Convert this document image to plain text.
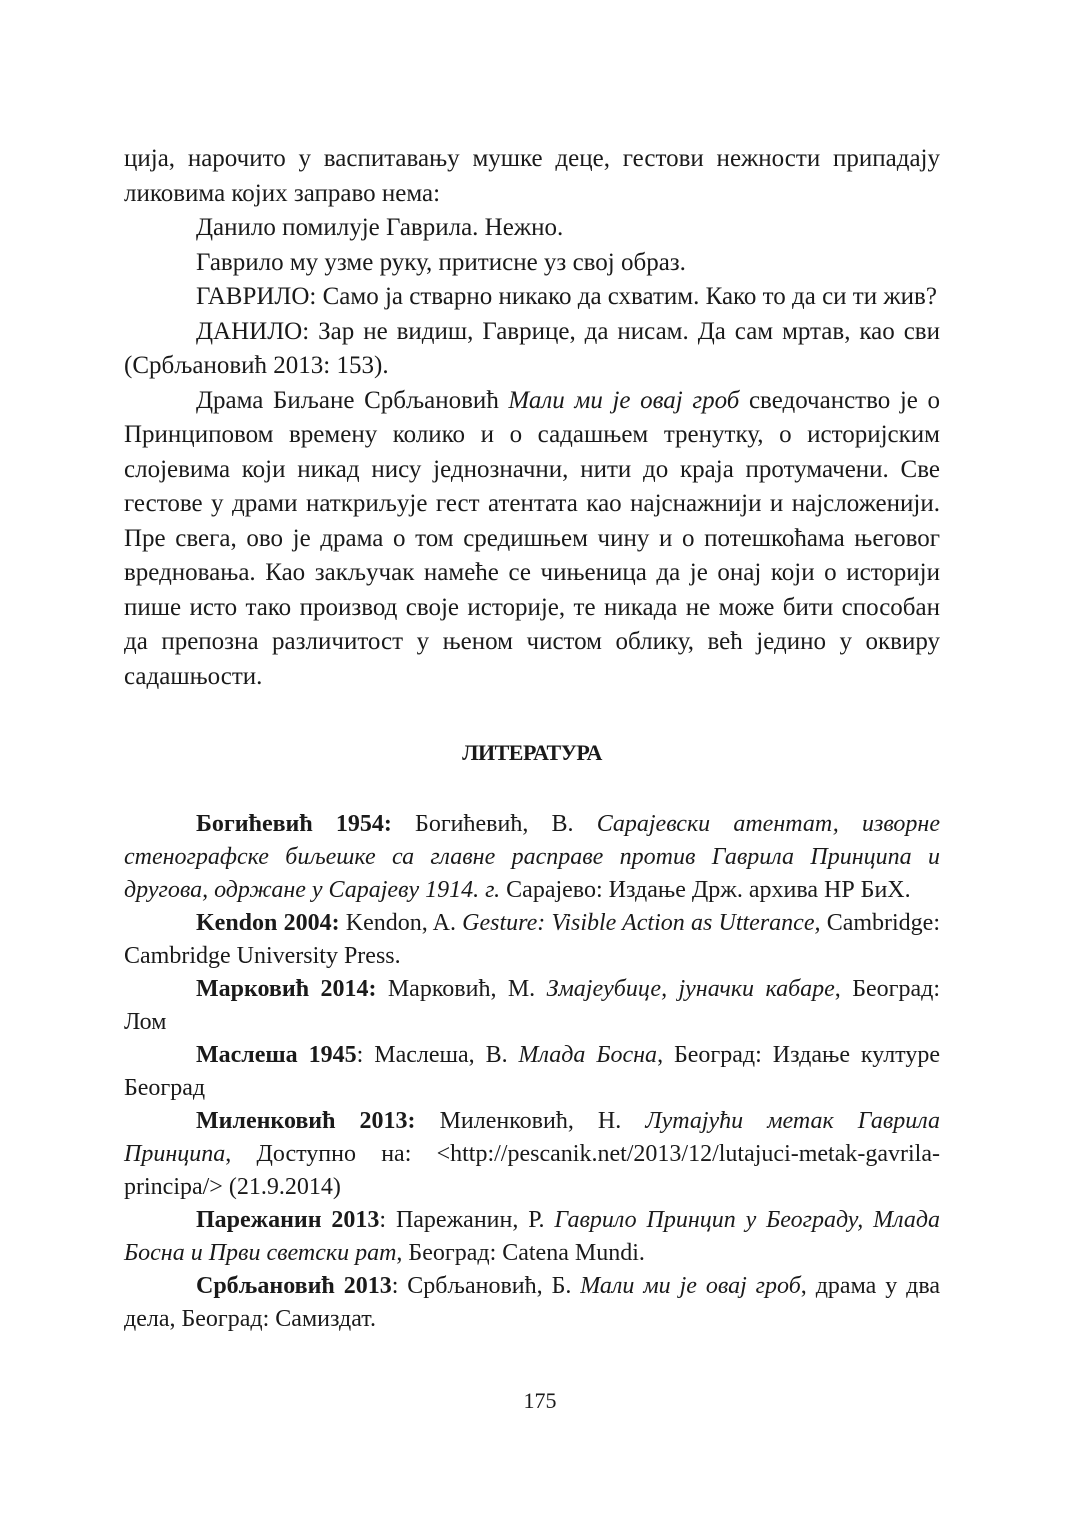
ција, нарочито у васпитавању мушке деце, гестови нежности припадају ликовима којих заправо нема:

Данило помилује Гаврила. Нежно.

Гаврило му узме руку, притисне уз свој образ.

ГАВРИЛО: Само ја стварно никако да схватим. Како то да си ти жив?

ДАНИЛО: Зар не видиш, Гаврице, да нисам. Да сам мртав, као сви (Србљановић 2013: 153).

Драма Биљане Србљановић Мали ми је овај гроб сведочанство је о Принциповом времену колико и о садашњем тренутку, о историјским слојевима који никад нису једнозначни, нити до краја протумачени. Све гестове у драми наткриљује гест атентата као најснажнији и најсложенији. Пре свега, ово је драма о том средишњем чину и о потешкоћама његовог вредновања. Као закључак намеће се чињеница да је онај који о историји пише исто тако производ своје историје, те никада не може бити способан да препозна различитост у њеном чистом облику, већ једино у оквиру садашњости.

ЛИТЕРАТУРА

Богићевић 1954: Богићевић, В. Сарајевски атентат, изворне стенографске биљешке са главне расправе против Гаврила Принципа и другова, одржане у Сарајеву 1914. г. Сарајево: Издање Држ. архива НР БиХ.

Kendon 2004: Kendon, A. Gesture: Visible Action as Utterance, Cambridge: Cambridge University Press.

Марковић 2014: Марковић, М. Змајеубице, јуначки кабаре, Београд: Лом

Маслеша 1945: Маслеша, В. Млада Босна, Београд: Издање културе Београд

Миленковић 2013: Миленковић, Н. Лутајући метак Гаврила Принципа, Доступно на: <http://pescanik.net/2013/12/lutajuci-metak-gavrila-principa/> (21.9.2014)

Парежанин 2013: Парежанин, Р. Гаврило Принцип у Београду, Млада Босна и Први светски рат, Београд: Catena Mundi.

Србљановић 2013: Србљановић, Б. Мали ми је овај гроб, драма у два дела, Београд: Самиздат.

175
